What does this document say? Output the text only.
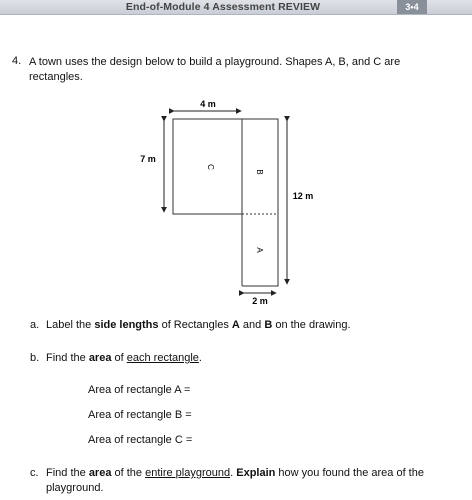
End-of-Module 4 Assessment REVIEW	3•4
4. A town uses the design below to build a playground. Shapes A, B, and C are
rectangles.
4 m
7 m
12 m
2 m
C
B
A
a. Label the side lengths of Rectangles A and B on the drawing.
b. Find the area of each rectangle.
Area of rectangle A =
Area of rectangle B =
Area of rectangle C =
c. Find the area of the entire playground. Explain how you found the area of the
playground.
